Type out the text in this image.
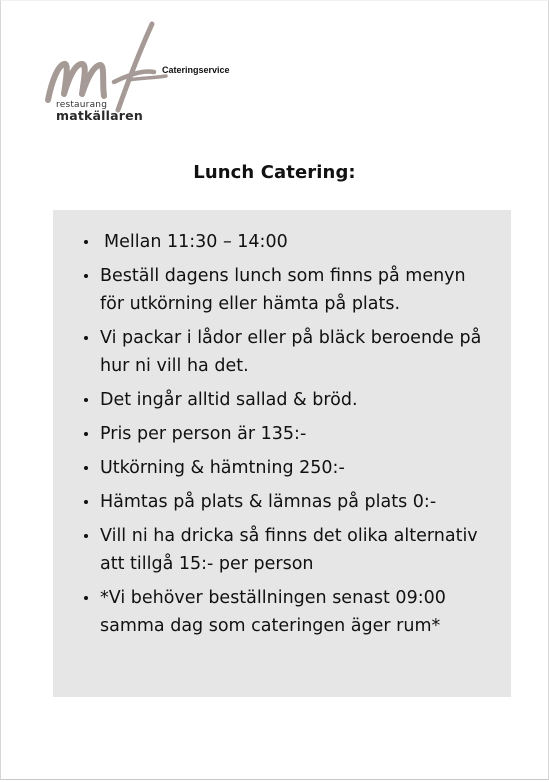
restaurang
matkällaren
Cateringservice
Lunch Catering:
Mellan 11:30 – 14:00
Beställ dagens lunch som finns på menyn för utkörning eller hämta på plats.
Vi packar i lådor eller på bläck beroende på hur ni vill ha det.
Det ingår alltid sallad & bröd.
Pris per person är 135:-
Utkörning & hämtning 250:-
Hämtas på plats & lämnas på plats 0:-
Vill ni ha dricka så finns det olika alternativ att tillgå 15:- per person
*Vi behöver beställningen senast 09:00 samma dag som cateringen äger rum*
